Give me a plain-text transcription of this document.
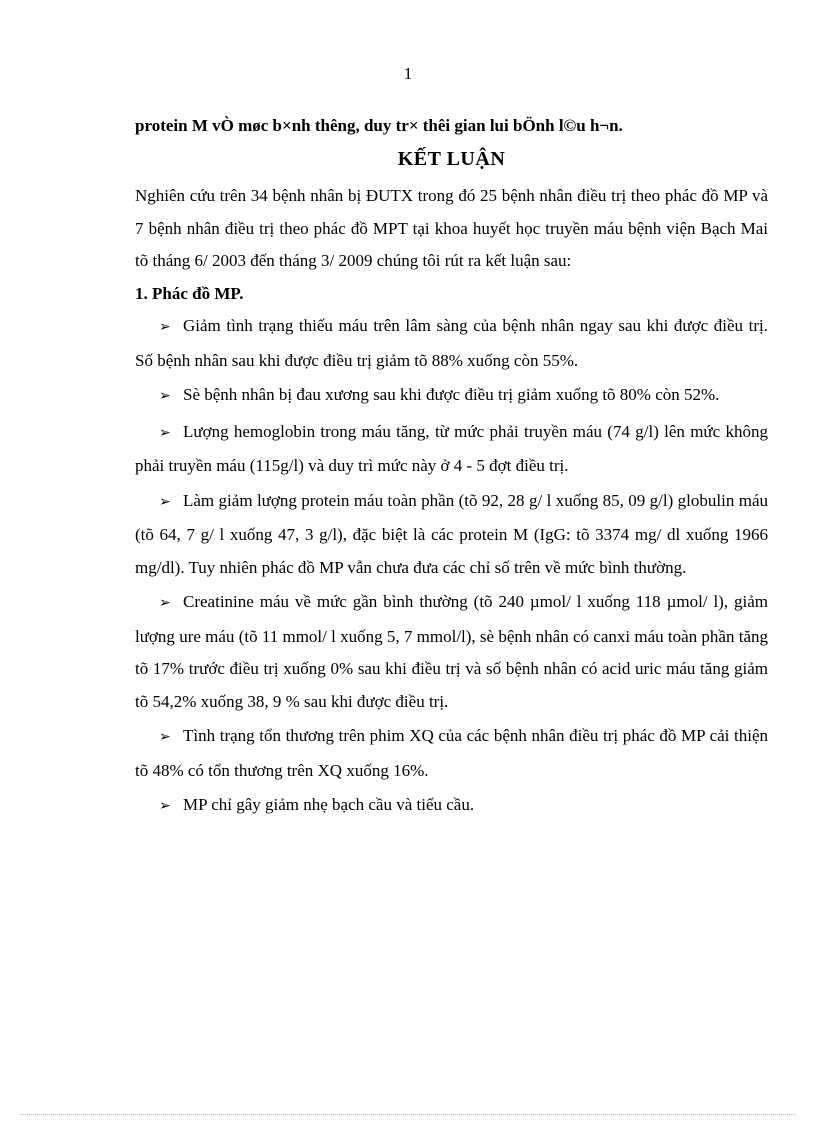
1

protein M vÒ møc b×nh thêng, duy tr× thêi gian lui bÖnh l©u h¬n.

KẾT LUẬN

Nghiên cứu trên 34 bệnh nhân bị ĐUTX trong đó 25 bệnh nhân điều trị theo phác đồ MP và 7 bệnh nhân điều trị theo phác đồ MPT tại khoa huyết học truyền máu bệnh viện Bạch Mai tõ tháng 6/ 2003 đến tháng 3/ 2009 chúng tôi rút ra kết luận sau:

1. Phác đồ MP.

➢ Giảm tình trạng thiếu máu trên lâm sàng của bệnh nhân ngay sau khi được điều trị. Số bệnh nhân sau khi được điều trị giảm tõ 88% xuống còn 55%.

➢ Sè bệnh nhân bị đau xương sau khi được điều trị giảm xuống tõ 80% còn 52%.

➢ Lượng hemoglobin trong máu tăng, từ mức phải truyền máu (74 g/l) lên mức không phải truyền máu (115g/l) và duy trì mức này ở 4 - 5 đợt điều trị.

➢ Làm giảm lượng protein máu toàn phần (tõ 92, 28 g/ l xuống 85, 09 g/l) globulin máu (tõ 64, 7 g/ l xuống 47, 3 g/l), đặc biệt là các protein M (IgG: tõ 3374 mg/ dl xuống 1966 mg/dl). Tuy nhiên phác đồ MP vẫn chưa đưa các chỉ số trên về mức bình thường.

➢ Creatinine máu về mức gần bình thường (tõ 240 µmol/ l xuống 118 µmol/ l), giảm lượng ure máu (tõ 11 mmol/ l xuống 5, 7 mmol/l), sè bệnh nhân có canxi máu toàn phần tăng tõ 17% trước điều trị xuống 0% sau khi điều trị và số bệnh nhân có acid uric máu tăng giảm tõ 54,2% xuống 38, 9 % sau khi được điều trị.

➢ Tình trạng tổn thương trên phim XQ của các bệnh nhân điều trị phác đồ MP cải thiện tõ 48% có tổn thương trên XQ xuống 16%.

➢ MP chỉ gây giảm nhẹ bạch cầu và tiểu cầu.
